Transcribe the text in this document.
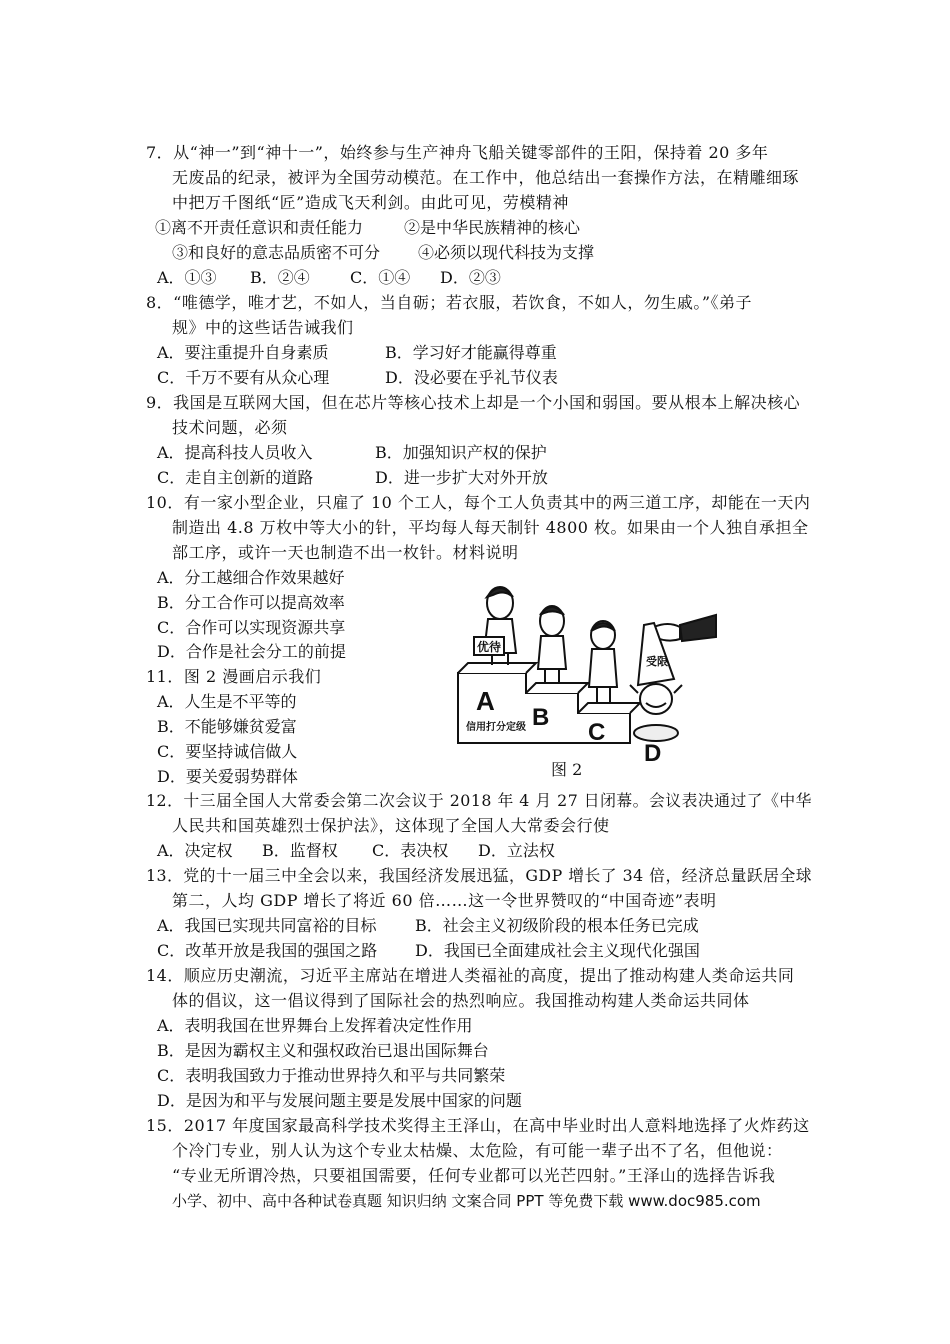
7．从“神一”到“神十一”，始终参与生产神舟飞船关键零部件的王阳，保持着 20 多年
无废品的纪录，被评为全国劳动模范。在工作中，他总结出一套操作方法，在精雕细琢
中把万千图纸“匠”造成飞天利剑。由此可见，劳模精神
①离不开责任意识和责任能力	②是中华民族精神的核心
③和良好的意志品质密不可分 ④必须以现代科技为支撑
A．①③ B．②④	C．①④ D．②③
8．“唯德学，唯才艺，不如人，当自砺；若衣服，若饮食，不如人，勿生戚。”《弟子
规》中的这些话告诫我们
A．要注重提升自身素质	B．学习好才能赢得尊重
C．千万不要有从众心理	D．没必要在乎礼节仪表
9．我国是互联网大国，但在芯片等核心技术上却是一个小国和弱国。要从根本上解决核心
技术问题，必须
A．提高科技人员收入	B．加强知识产权的保护
C．走自主创新的道路	D．进一步扩大对外开放
10．有一家小型企业，只雇了 10 个工人，每个工人负责其中的两三道工序，却能在一天内
制造出 4.8 万枚中等大小的针，平均每人每天制针 4800 枚。如果由一个人独自承担全
部工序，或许一天也制造不出一枚针。材料说明
A．分工越细合作效果越好
B．分工合作可以提高效率
C．合作可以实现资源共享
D．合作是社会分工的前提
11．图 2 漫画启示我们
A．人生是不平等的
B．不能够嫌贫爱富
C．要坚持诚信做人
D．要关爱弱势群体
A
B
C
信用打分定级
优待
受限
D
图 2
12．十三届全国人大常委会第二次会议于 2018 年 4 月 27 日闭幕。会议表决通过了《中华
人民共和国英雄烈士保护法》，这体现了全国人大常委会行使
A．决定权 B．监督权 C．表决权 D．立法权
13．党的十一届三中全会以来，我国经济发展迅猛，GDP 增长了 34 倍，经济总量跃居全球
第二，人均 GDP 增长了将近 60 倍……这一令世界赞叹的“中国奇迹”表明
A．我国已实现共同富裕的目标 B．社会主义初级阶段的根本任务已完成
C．改革开放是我国的强国之路 D．我国已全面建成社会主义现代化强国
14．顺应历史潮流，习近平主席站在增进人类福祉的高度，提出了推动构建人类命运共同
体的倡议，这一倡议得到了国际社会的热烈响应。我国推动构建人类命运共同体
A．表明我国在世界舞台上发挥着决定性作用
B．是因为霸权主义和强权政治已退出国际舞台
C．表明我国致力于推动世界持久和平与共同繁荣
D．是因为和平与发展问题主要是发展中国家的问题
15．2017 年度国家最高科学技术奖得主王泽山，在高中毕业时出人意料地选择了火炸药这
个冷门专业，别人认为这个专业太枯燥、太危险，有可能一辈子出不了名，但他说：
“专业无所谓冷热，只要祖国需要，任何专业都可以光芒四射。”王泽山的选择告诉我
小学、初中、高中各种试卷真题 知识归纳 文案合同 PPT 等免费下载 www.doc985.com
